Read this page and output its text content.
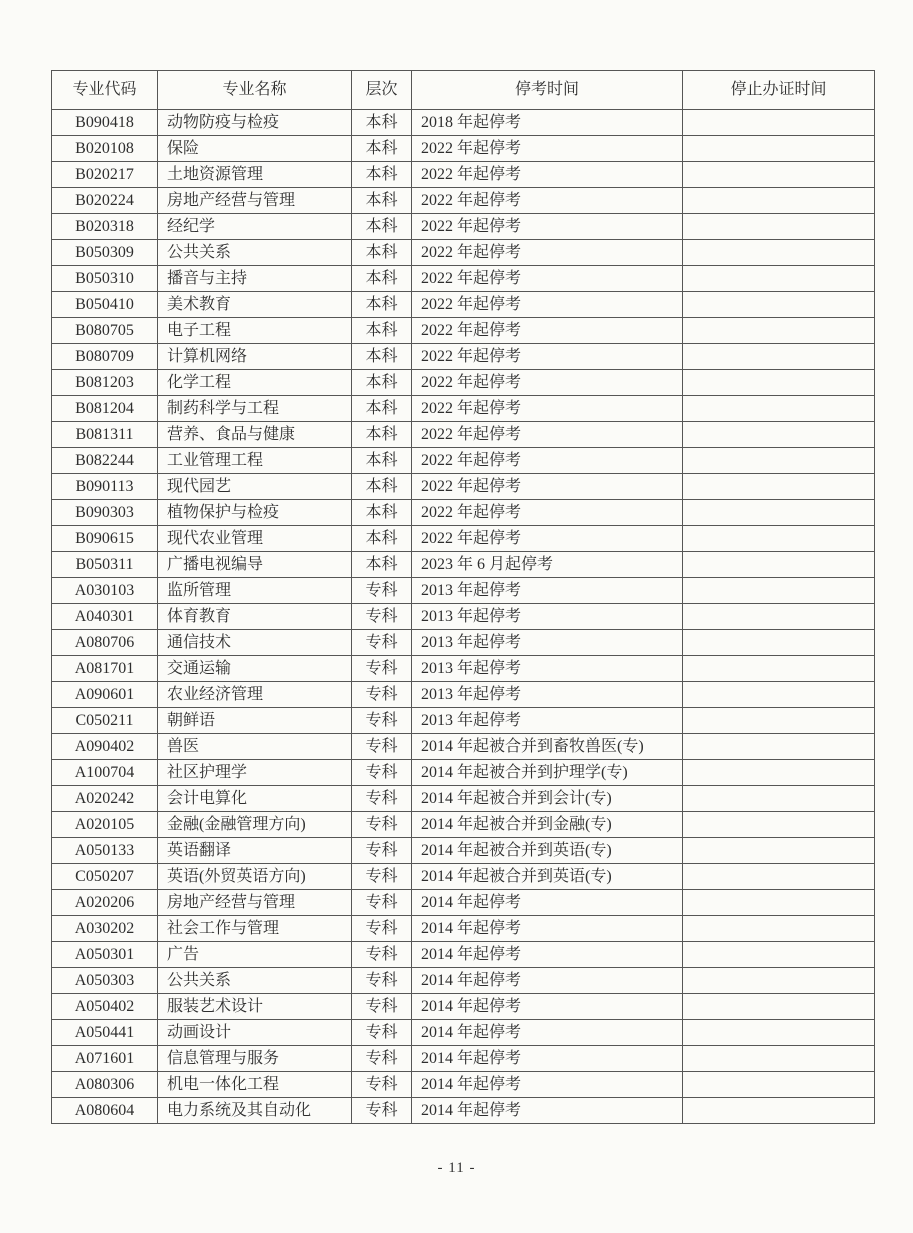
专业代码	专业名称	层次	停考时间	停止办证时间
B090418	动物防疫与检疫	本科	2018 年起停考	
B020108	保险	本科	2022 年起停考	
B020217	土地资源管理	本科	2022 年起停考	
B020224	房地产经营与管理	本科	2022 年起停考	
B020318	经纪学	本科	2022 年起停考	
B050309	公共关系	本科	2022 年起停考	
B050310	播音与主持	本科	2022 年起停考	
B050410	美术教育	本科	2022 年起停考	
B080705	电子工程	本科	2022 年起停考	
B080709	计算机网络	本科	2022 年起停考	
B081203	化学工程	本科	2022 年起停考	
B081204	制药科学与工程	本科	2022 年起停考	
B081311	营养、食品与健康	本科	2022 年起停考	
B082244	工业管理工程	本科	2022 年起停考	
B090113	现代园艺	本科	2022 年起停考	
B090303	植物保护与检疫	本科	2022 年起停考	
B090615	现代农业管理	本科	2022 年起停考	
B050311	广播电视编导	本科	2023 年 6 月起停考	
A030103	监所管理	专科	2013 年起停考	
A040301	体育教育	专科	2013 年起停考	
A080706	通信技术	专科	2013 年起停考	
A081701	交通运输	专科	2013 年起停考	
A090601	农业经济管理	专科	2013 年起停考	
C050211	朝鲜语	专科	2013 年起停考	
A090402	兽医	专科	2014 年起被合并到畜牧兽医(专)	
A100704	社区护理学	专科	2014 年起被合并到护理学(专)	
A020242	会计电算化	专科	2014 年起被合并到会计(专)	
A020105	金融(金融管理方向)	专科	2014 年起被合并到金融(专)	
A050133	英语翻译	专科	2014 年起被合并到英语(专)	
C050207	英语(外贸英语方向)	专科	2014 年起被合并到英语(专)	
A020206	房地产经营与管理	专科	2014 年起停考	
A030202	社会工作与管理	专科	2014 年起停考	
A050301	广告	专科	2014 年起停考	
A050303	公共关系	专科	2014 年起停考	
A050402	服装艺术设计	专科	2014 年起停考	
A050441	动画设计	专科	2014 年起停考	
A071601	信息管理与服务	专科	2014 年起停考	
A080306	机电一体化工程	专科	2014 年起停考	
A080604	电力系统及其自动化	专科	2014 年起停考	
- 11 -
